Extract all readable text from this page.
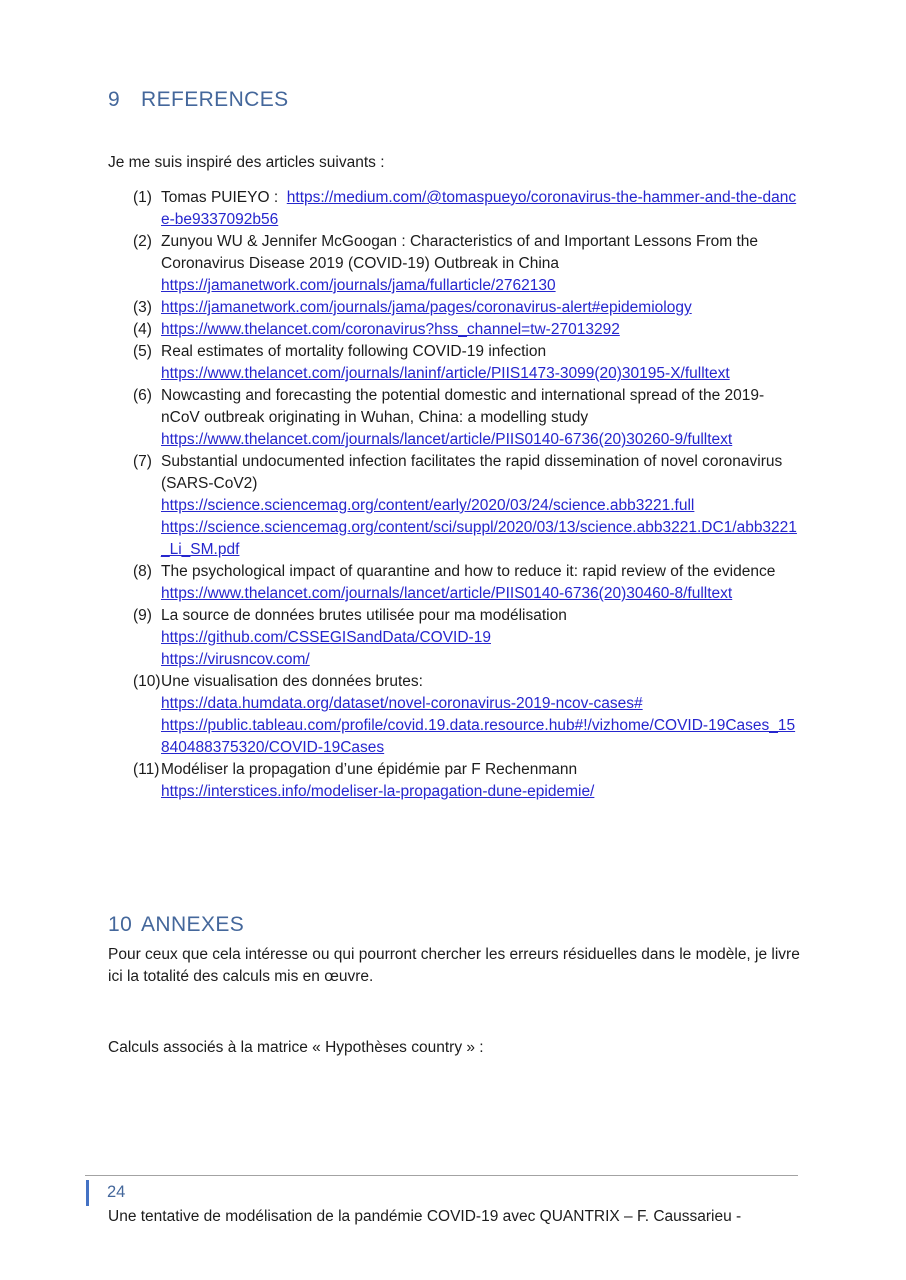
9 REFERENCES

Je me suis inspiré des articles suivants :

(1) Tomas PUIEYO :  https://medium.com/@tomaspueyo/coronavirus-the-hammer-and-the-dance-be9337092b56
(2) Zunyou WU & Jennifer McGoogan : Characteristics of and Important Lessons From the Coronavirus Disease 2019 (COVID-19) Outbreak in China
https://jamanetwork.com/journals/jama/fullarticle/2762130
(3) https://jamanetwork.com/journals/jama/pages/coronavirus-alert#epidemiology
(4) https://www.thelancet.com/coronavirus?hss_channel=tw-27013292
(5) Real estimates of mortality following COVID-19 infection
https://www.thelancet.com/journals/laninf/article/PIIS1473-3099(20)30195-X/fulltext
(6) Nowcasting and forecasting the potential domestic and international spread of the 2019-nCoV outbreak originating in Wuhan, China: a modelling study
https://www.thelancet.com/journals/lancet/article/PIIS0140-6736(20)30260-9/fulltext
(7) Substantial undocumented infection facilitates the rapid dissemination of novel coronavirus (SARS-CoV2)
https://science.sciencemag.org/content/early/2020/03/24/science.abb3221.full
https://science.sciencemag.org/content/sci/suppl/2020/03/13/science.abb3221.DC1/abb3221_Li_SM.pdf
(8) The psychological impact of quarantine and how to reduce it: rapid review of the evidence
https://www.thelancet.com/journals/lancet/article/PIIS0140-6736(20)30460-8/fulltext
(9) La source de données brutes utilisée pour ma modélisation
https://github.com/CSSEGISandData/COVID-19
https://virusncov.com/
(10) Une visualisation des données brutes:
https://data.humdata.org/dataset/novel-coronavirus-2019-ncov-cases#
https://public.tableau.com/profile/covid.19.data.resource.hub#!/vizhome/COVID-19Cases_15840488375320/COVID-19Cases
(11) Modéliser la propagation d’une épidémie par F Rechenmann
https://interstices.info/modeliser-la-propagation-dune-epidemie/
10 ANNEXES

Pour ceux que cela intéresse ou qui pourront chercher les erreurs résiduelles dans le modèle, je livre ici la totalité des calculs mis en œuvre.

Calculs associés à la matrice « Hypothèses country » :

24
Une tentative de modélisation de la pandémie COVID-19 avec QUANTRIX – F. Caussarieu -
